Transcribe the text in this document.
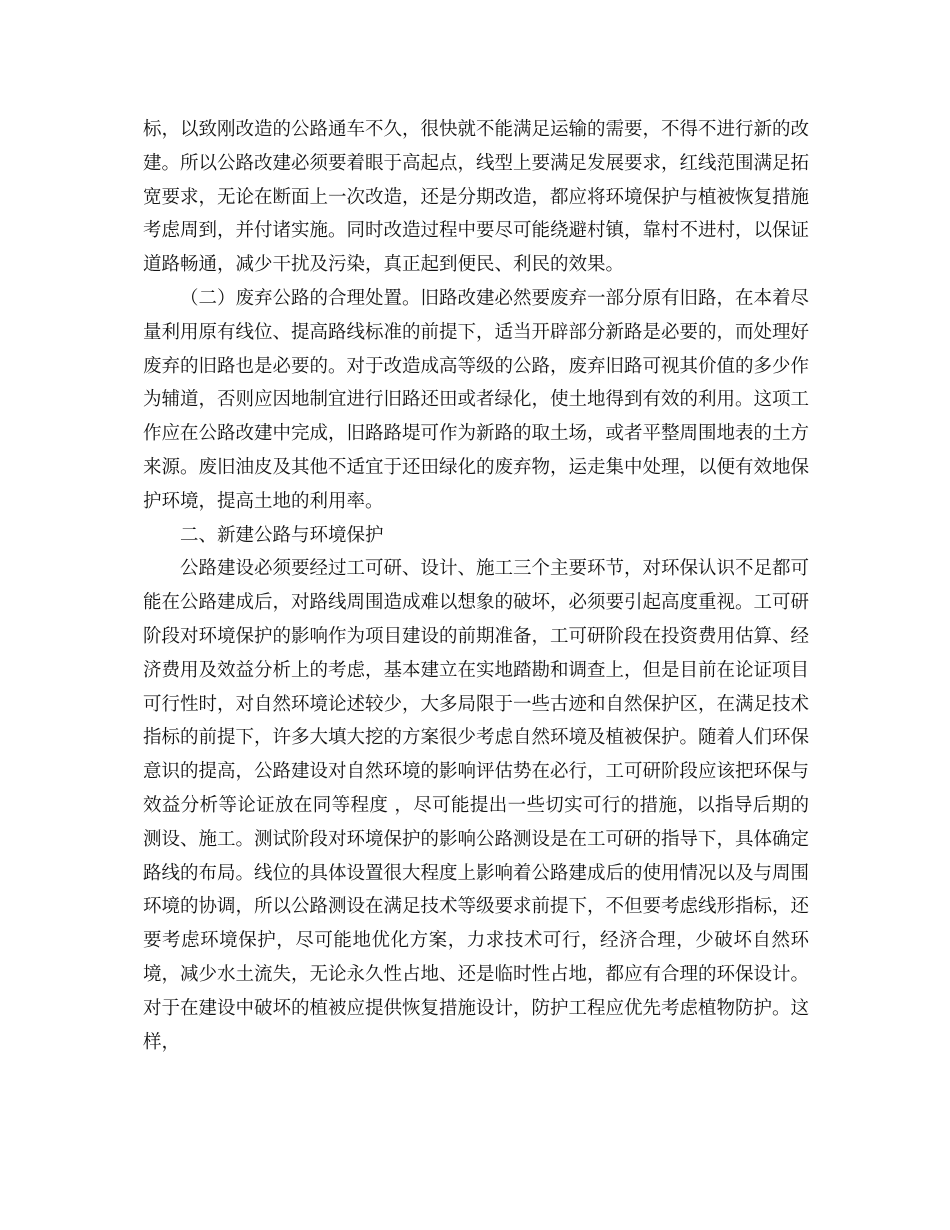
标，以致刚改造的公路通车不久，很快就不能满足运输的需要，不得不进行新的改建。所以公路改建必须要着眼于高起点，线型上要满足发展要求，红线范围满足拓宽要求，无论在断面上一次改造，还是分期改造，都应将环境保护与植被恢复措施考虑周到，并付诸实施。同时改造过程中要尽可能绕避村镇，靠村不进村，以保证道路畅通，减少干扰及污染，真正起到便民、利民的效果。

（二）废弃公路的合理处置。旧路改建必然要废弃一部分原有旧路，在本着尽量利用原有线位、提高路线标准的前提下，适当开辟部分新路是必要的，而处理好废弃的旧路也是必要的。对于改造成高等级的公路，废弃旧路可视其价值的多少作为辅道，否则应因地制宜进行旧路还田或者绿化，使土地得到有效的利用。这项工作应在公路改建中完成，旧路路堤可作为新路的取土场，或者平整周围地表的土方来源。废旧油皮及其他不适宜于还田绿化的废弃物，运走集中处理，以便有效地保护环境，提高土地的利用率。

二、新建公路与环境保护

公路建设必须要经过工可研、设计、施工三个主要环节，对环保认识不足都可能在公路建成后，对路线周围造成难以想象的破坏，必须要引起高度重视。工可研阶段对环境保护的影响作为项目建设的前期准备，工可研阶段在投资费用估算、经济费用及效益分析上的考虑，基本建立在实地踏勘和调查上，但是目前在论证项目可行性时，对自然环境论述较少，大多局限于一些古迹和自然保护区，在满足技术指标的前提下，许多大填大挖的方案很少考虑自然环境及植被保护。随着人们环保意识的提高，公路建设对自然环境的影响评估势在必行，工可研阶段应该把环保与效益分析等论证放在同等程度 ，尽可能提出一些切实可行的措施，以指导后期的测设、施工。测试阶段对环境保护的影响公路测设是在工可研的指导下，具体确定路线的布局。线位的具体设置很大程度上影响着公路建成后的使用情况以及与周围环境的协调，所以公路测设在满足技术等级要求前提下，不但要考虑线形指标，还要考虑环境保护，尽可能地优化方案，力求技术可行，经济合理，少破坏自然环境，减少水土流失，无论永久性占地、还是临时性占地，都应有合理的环保设计。对于在建设中破坏的植被应提供恢复措施设计，防护工程应优先考虑植物防护。这样，
